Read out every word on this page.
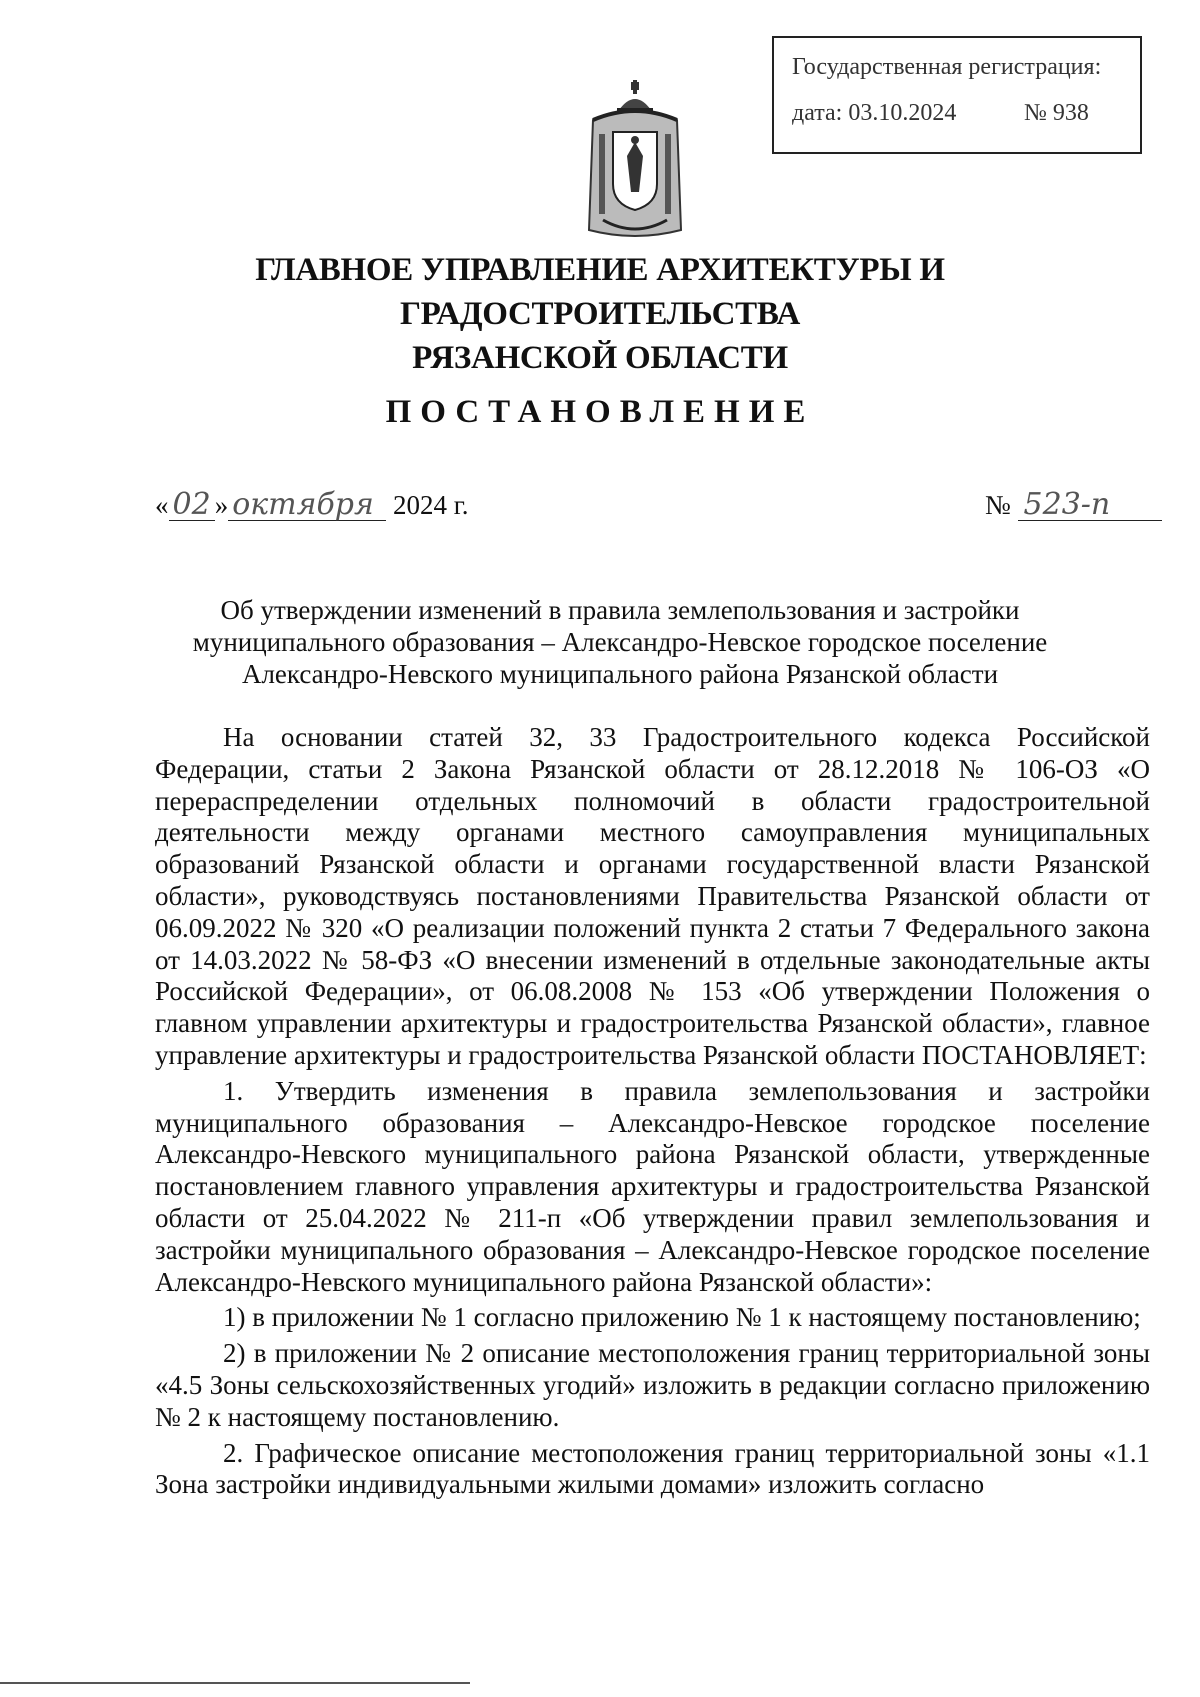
Государственная регистрация:
дата: 03.10.2024	№ 938
ГЛАВНОЕ УПРАВЛЕНИЕ АРХИТЕКТУРЫ И ГРАДОСТРОИТЕЛЬСТВА
РЯЗАНСКОЙ ОБЛАСТИ
ПОСТАНОВЛЕНИЕ
« 02 » октября 2024 г.	№ 523-п
Об утверждении изменений в правила землепользования и застройки
муниципального образования – Александро-Невское городское поселение
Александро-Невского муниципального района Рязанской области

На основании статей 32, 33 Градостроительного кодекса Российской Федерации, статьи 2 Закона Рязанской области от 28.12.2018 № 106-ОЗ «О перераспределении отдельных полномочий в области градостроительной деятельности между органами местного самоуправления муниципальных образований Рязанской области и органами государственной власти Рязанской области», руководствуясь постановлениями Правительства Рязанской области от 06.09.2022 № 320 «О реализации положений пункта 2 статьи 7 Федерального закона от 14.03.2022 № 58-ФЗ «О внесении изменений в отдельные законодательные акты Российской Федерации», от 06.08.2008 № 153 «Об утверждении Положения о главном управлении архитектуры и градостроительства Рязанской области», главное управление архитектуры и градостроительства Рязанской области ПОСТАНОВЛЯЕТ:

1. Утвердить изменения в правила землепользования и застройки муниципального образования – Александро-Невское городское поселение Александро-Невского муниципального района Рязанской области, утвержденные постановлением главного управления архитектуры и градостроительства Рязанской области от 25.04.2022 № 211-п «Об утверждении правил землепользования и застройки муниципального образования – Александро-Невское городское поселение Александро-Невского муниципального района Рязанской области»:

1) в приложении № 1 согласно приложению № 1 к настоящему постановлению;

2) в приложении № 2 описание местоположения границ территориальной зоны «4.5 Зоны сельскохозяйственных угодий» изложить в редакции согласно приложению № 2 к настоящему постановлению.

2. Графическое описание местоположения границ территориальной зоны «1.1 Зона застройки индивидуальными жилыми домами» изложить согласно
